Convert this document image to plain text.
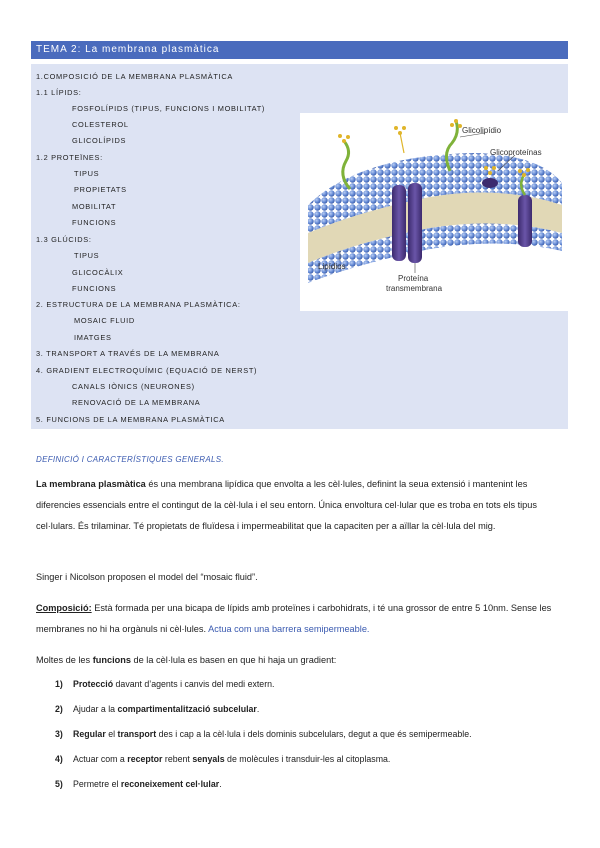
TEMA 2: La membrana plasmàtica
1.COMPOSICIÓ DE LA MEMBRANA PLASMÀTICA
1.1 LÍPIDS:
FOSFOLÍPIDS (TIPUS, FUNCIONS I MOBILITAT)
COLESTEROL
GLICOLÍPIDS
1.2 PROTEÏNES:
TIPUS
PROPIETATS
MOBILITAT
FUNCIONS
1.3 GLÚCIDS:
TIPUS
GLICOCÀLIX
FUNCIONS
2. ESTRUCTURA DE LA MEMBRANA PLASMÀTICA:
MOSAIC FLUID
IMATGES
3. TRANSPORT A TRAVÉS DE LA MEMBRANA
4. GRADIENT ELECTROQUÍMIC (EQUACIÓ DE NERST)
CANALS IÒNICS (NEURONES)
RENOVACIÓ DE LA MEMBRANA
5. FUNCIONS DE LA MEMBRANA PLASMÀTICA
Glicolipídio
Glicoproteínas
Lipídios
Proteína
transmembrana
DEFINICIÓ I CARACTERÍSTIQUES GENERALS.
La membrana plasmàtica és una membrana lipídica que envolta a les cèl·lules, definint la seua extensió i mantenint les diferencies essencials entre el contingut de la cèl·lula i el seu entorn. Única envoltura cel·lular que es troba en tots els tipus cel·lulars. És trilaminar. Té propietats de fluïdesa i impermeabilitat que la capaciten per a aïllar la cèl·lula del mig.
Singer i Nicolson proposen el model del “mosaic fluid”.
Composició: Està formada per una bicapa de lípids amb proteïnes i carbohidrats, i té una grossor de entre 5 10nm. Sense les membranes no hi ha orgànuls ni cèl·lules. Actua com una barrera semipermeable.
Moltes de les funcions de la cèl·lula es basen en que hi haja un gradient:
1) Protecció davant d’agents i canvis del medi extern.
2) Ajudar a la compartimentalització subcelular.
3) Regular el transport des i cap a la cèl·lula i dels dominis subcelulars, degut a que és semipermeable.
4) Actuar com a receptor rebent senyals de molècules i transduir-les al citoplasma.
5) Permetre el reconeixement cel·lular.
